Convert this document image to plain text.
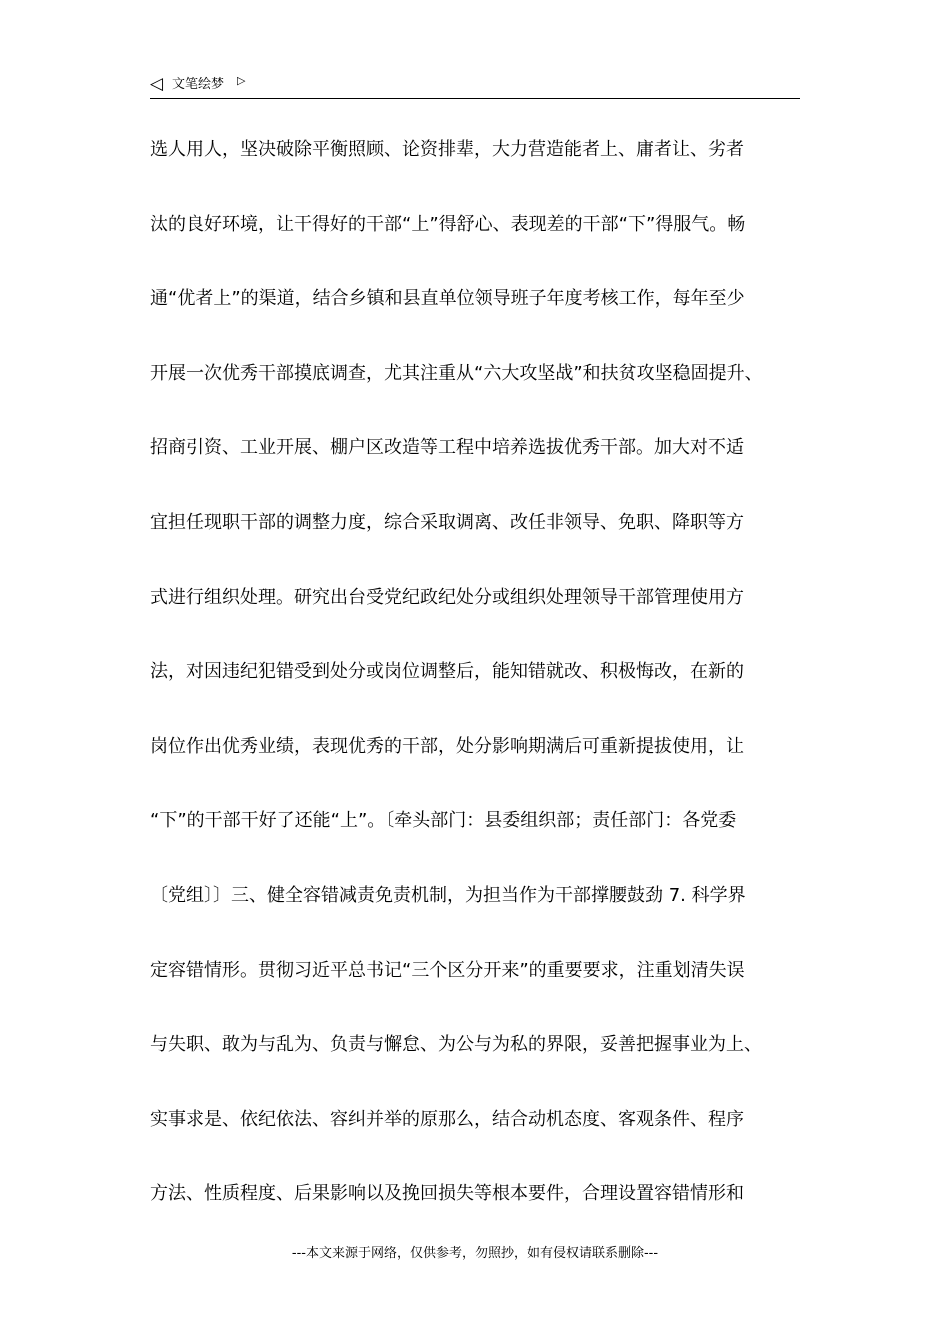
◁ 文笔绘梦 ▷
选人用人，坚决破除平衡照顾、论资排辈，大力营造能者上、庸者让、劣者
汰的良好环境，让干得好的干部“上”得舒心、表现差的干部“下”得服气。畅
通“优者上”的渠道，结合乡镇和县直单位领导班子年度考核工作，每年至少
开展一次优秀干部摸底调查，尤其注重从“六大攻坚战”和扶贫攻坚稳固提升、
招商引资、工业开展、棚户区改造等工程中培养选拔优秀干部。加大对不适
宜担任现职干部的调整力度，综合采取调离、改任非领导、免职、降职等方
式进行组织处理。研究出台受党纪政纪处分或组织处理领导干部管理使用方
法，对因违纪犯错受到处分或岗位调整后，能知错就改、积极悔改，在新的
岗位作出优秀业绩，表现优秀的干部，处分影响期满后可重新提拔使用，让
“下”的干部干好了还能“上”。〔牵头部门：县委组织部；责任部门：各党委
〔党组〕〕三、健全容错减责免责机制，为担当作为干部撑腰鼓劲 7. 科学界
定容错情形。贯彻习近平总书记“三个区分开来”的重要要求，注重划清失误
与失职、敢为与乱为、负责与懈怠、为公与为私的界限，妥善把握事业为上、
实事求是、依纪依法、容纠并举的原那么，结合动机态度、客观条件、程序
方法、性质程度、后果影响以及挽回损失等根本要件，合理设置容错情形和
---本文来源于网络，仅供参考，勿照抄，如有侵权请联系删除---
